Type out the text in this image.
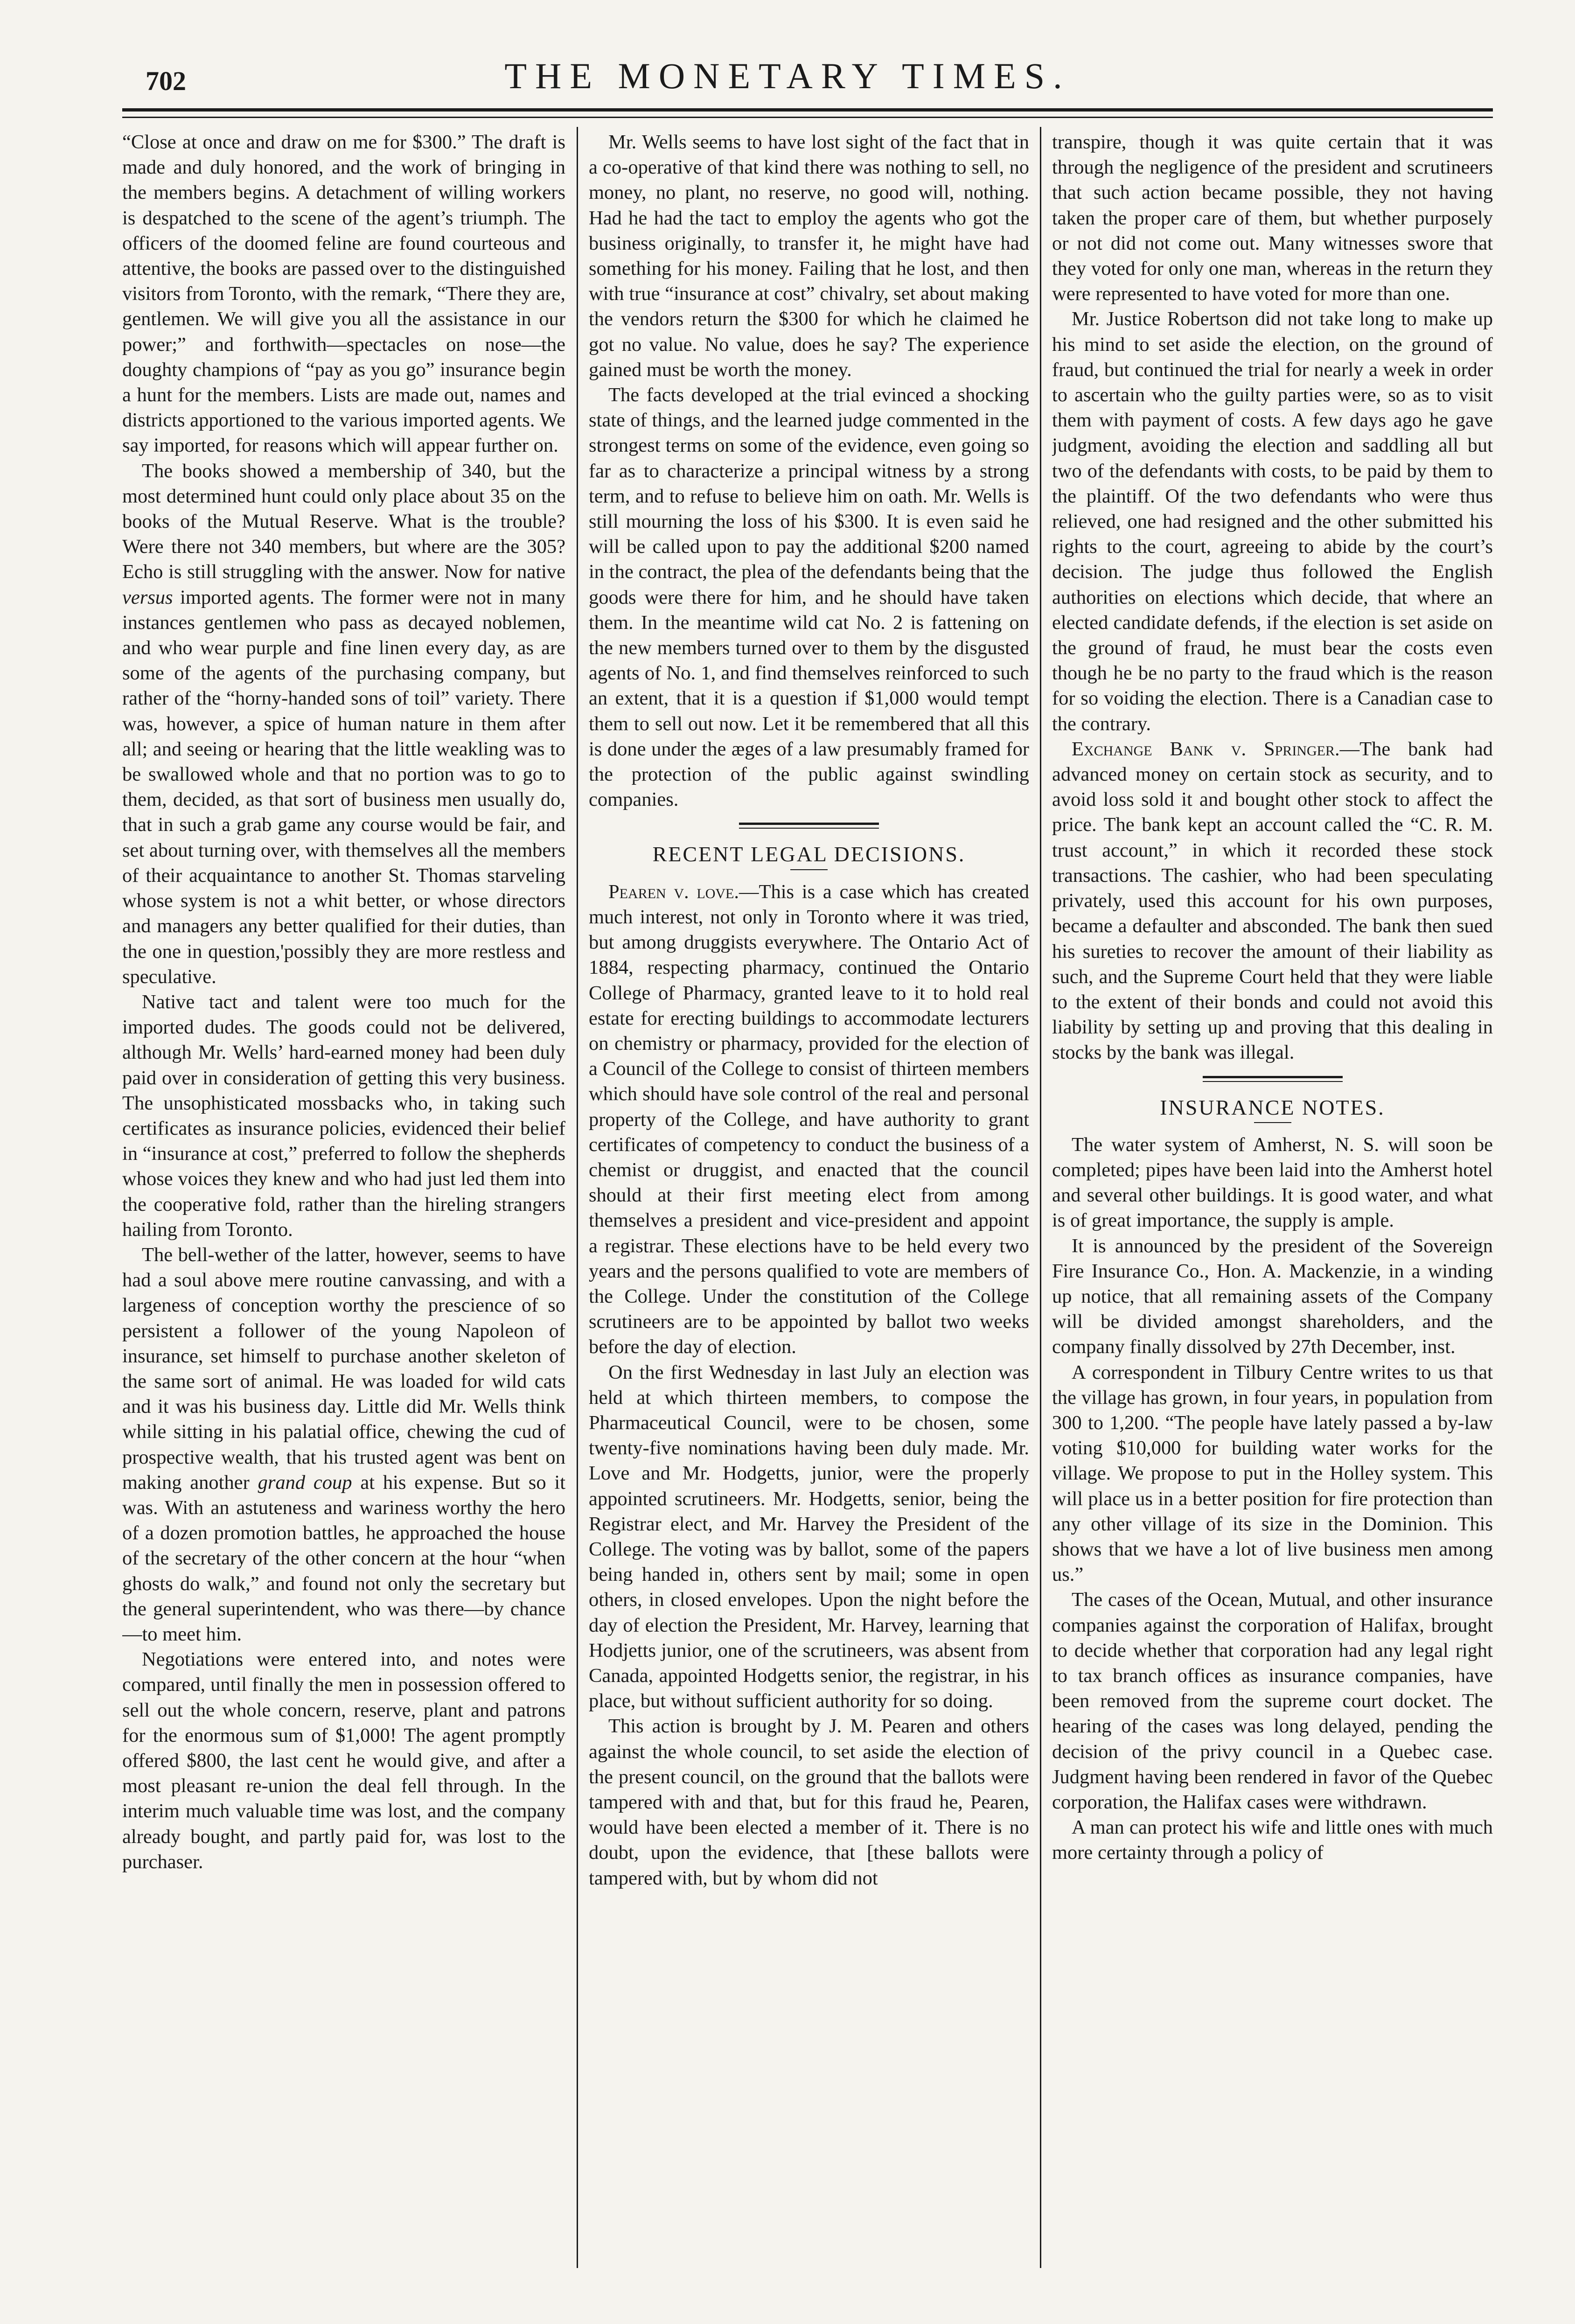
702	THE MONETARY TIMES.

“Close at once and draw on me for $300.” The draft is made and duly honored, and the work of bringing in the members begins. A detachment of willing workers is despatched to the scene of the agent’s triumph. The officers of the doomed feline are found courteous and attentive, the books are passed over to the distinguished visitors from Toronto, with the remark, “There they are, gentlemen. We will give you all the assistance in our power;” and forthwith—spectacles on nose—the doughty champions of “pay as you go” insurance begin a hunt for the members. Lists are made out, names and districts apportioned to the various imported agents. We say imported, for reasons which will appear further on.

The books showed a membership of 340, but the most determined hunt could only place about 35 on the books of the Mutual Reserve. What is the trouble? Were there not 340 members, but where are the 305? Echo is still struggling with the answer. Now for native versus imported agents. The former were not in many instances gentlemen who pass as decayed noblemen, and who wear purple and fine linen every day, as are some of the agents of the purchasing company, but rather of the “horny-handed sons of toil” variety. There was, however, a spice of human nature in them after all; and seeing or hearing that the little weakling was to be swallowed whole and that no portion was to go to them, decided, as that sort of business men usually do, that in such a grab game any course would be fair, and set about turning over, with themselves all the members of their acquaintance to another St. Thomas starveling whose system is not a whit better, or whose directors and managers any better qualified for their duties, than the one in question,'possibly they are more restless and speculative.

Native tact and talent were too much for the imported dudes. The goods could not be delivered, although Mr. Wells’ hard-earned money had been duly paid over in consideration of getting this very business. The unsophisticated mossbacks who, in taking such certificates as insurance policies, evidenced their belief in “insurance at cost,” preferred to follow the shepherds whose voices they knew and who had just led them into the cooperative fold, rather than the hireling strangers hailing from Toronto.

The bell-wether of the latter, however, seems to have had a soul above mere routine canvassing, and with a largeness of conception worthy the prescience of so persistent a follower of the young Napoleon of insurance, set himself to purchase another skeleton of the same sort of animal. He was loaded for wild cats and it was his business day. Little did Mr. Wells think while sitting in his palatial office, chewing the cud of prospective wealth, that his trusted agent was bent on making another grand coup at his expense. But so it was. With an astuteness and wariness worthy the hero of a dozen promotion battles, he approached the house of the secretary of the other concern at the hour “when ghosts do walk,” and found not only the secretary but the general superintendent, who was there—by chance—to meet him.

Negotiations were entered into, and notes were compared, until finally the men in possession offered to sell out the whole concern, reserve, plant and patrons for the enormous sum of $1,000! The agent promptly offered $800, the last cent he would give, and after a most pleasant re-union the deal fell through. In the interim much valuable time was lost, and the company already bought, and partly paid for, was lost to the purchaser.

Mr. Wells seems to have lost sight of the fact that in a co-operative of that kind there was nothing to sell, no money, no plant, no reserve, no good will, nothing. Had he had the tact to employ the agents who got the business originally, to transfer it, he might have had something for his money. Failing that he lost, and then with true “insurance at cost” chivalry, set about making the vendors return the $300 for which he claimed he got no value. No value, does he say? The experience gained must be worth the money.

The facts developed at the trial evinced a shocking state of things, and the learned judge commented in the strongest terms on some of the evidence, even going so far as to characterize a principal witness by a strong term, and to refuse to believe him on oath. Mr. Wells is still mourning the loss of his $300. It is even said he will be called upon to pay the additional $200 named in the contract, the plea of the defendants being that the goods were there for him, and he should have taken them. In the meantime wild cat No. 2 is fattening on the new members turned over to them by the disgusted agents of No. 1, and find themselves reinforced to such an extent, that it is a question if $1,000 would tempt them to sell out now. Let it be remembered that all this is done under the æges of a law presumably framed for the protection of the public against swindling companies.

RECENT LEGAL DECISIONS.

Pearen v. love.—This is a case which has created much interest, not only in Toronto where it was tried, but among druggists everywhere. The Ontario Act of 1884, respecting pharmacy, continued the Ontario College of Pharmacy, granted leave to it to hold real estate for erecting buildings to accommodate lecturers on chemistry or pharmacy, provided for the election of a Council of the College to consist of thirteen members which should have sole control of the real and personal property of the College, and have authority to grant certificates of competency to conduct the business of a chemist or druggist, and enacted that the council should at their first meeting elect from among themselves a president and vice-president and appoint a registrar. These elections have to be held every two years and the persons qualified to vote are members of the College. Under the constitution of the College scrutineers are to be appointed by ballot two weeks before the day of election.

On the first Wednesday in last July an election was held at which thirteen members, to compose the Pharmaceutical Council, were to be chosen, some twenty-five nominations having been duly made. Mr. Love and Mr. Hodgetts, junior, were the properly appointed scrutineers. Mr. Hodgetts, senior, being the Registrar elect, and Mr. Harvey the President of the College. The voting was by ballot, some of the papers being handed in, others sent by mail; some in open others, in closed envelopes. Upon the night before the day of election the President, Mr. Harvey, learning that Hodjetts junior, one of the scrutineers, was absent from Canada, appointed Hodgetts senior, the registrar, in his place, but without sufficient authority for so doing.

This action is brought by J. M. Pearen and others against the whole council, to set aside the election of the present council, on the ground that the ballots were tampered with and that, but for this fraud he, Pearen, would have been elected a member of it. There is no doubt, upon the evidence, that [these ballots were tampered with, but by whom did not

transpire, though it was quite certain that it was through the negligence of the president and scrutineers that such action became possible, they not having taken the proper care of them, but whether purposely or not did not come out. Many witnesses swore that they voted for only one man, whereas in the return they were represented to have voted for more than one.

Mr. Justice Robertson did not take long to make up his mind to set aside the election, on the ground of fraud, but continued the trial for nearly a week in order to ascertain who the guilty parties were, so as to visit them with payment of costs. A few days ago he gave judgment, avoiding the election and saddling all but two of the defendants with costs, to be paid by them to the plaintiff. Of the two defendants who were thus relieved, one had resigned and the other submitted his rights to the court, agreeing to abide by the court’s decision. The judge thus followed the English authorities on elections which decide, that where an elected candidate defends, if the election is set aside on the ground of fraud, he must bear the costs even though he be no party to the fraud which is the reason for so voiding the election. There is a Canadian case to the contrary.

Exchange Bank v. Springer.—The bank had advanced money on certain stock as security, and to avoid loss sold it and bought other stock to affect the price. The bank kept an account called the “C. R. M. trust account,” in which it recorded these stock transactions. The cashier, who had been speculating privately, used this account for his own purposes, became a defaulter and absconded. The bank then sued his sureties to recover the amount of their liability as such, and the Supreme Court held that they were liable to the extent of their bonds and could not avoid this liability by setting up and proving that this dealing in stocks by the bank was illegal.

INSURANCE NOTES.

The water system of Amherst, N. S. will soon be completed; pipes have been laid into the Amherst hotel and several other buildings. It is good water, and what is of great importance, the supply is ample.

It is announced by the president of the Sovereign Fire Insurance Co., Hon. A. Mackenzie, in a winding up notice, that all remaining assets of the Company will be divided amongst shareholders, and the company finally dissolved by 27th December, inst.

A correspondent in Tilbury Centre writes to us that the village has grown, in four years, in population from 300 to 1,200. “The people have lately passed a by-law voting $10,000 for building water works for the village. We propose to put in the Holley system. This will place us in a better position for fire protection than any other village of its size in the Dominion. This shows that we have a lot of live business men among us.”

The cases of the Ocean, Mutual, and other insurance companies against the corporation of Halifax, brought to decide whether that corporation had any legal right to tax branch offices as insurance companies, have been removed from the supreme court docket. The hearing of the cases was long delayed, pending the decision of the privy council in a Quebec case. Judgment having been rendered in favor of the Quebec corporation, the Halifax cases were withdrawn.

A man can protect his wife and little ones with much more certainty through a policy of
